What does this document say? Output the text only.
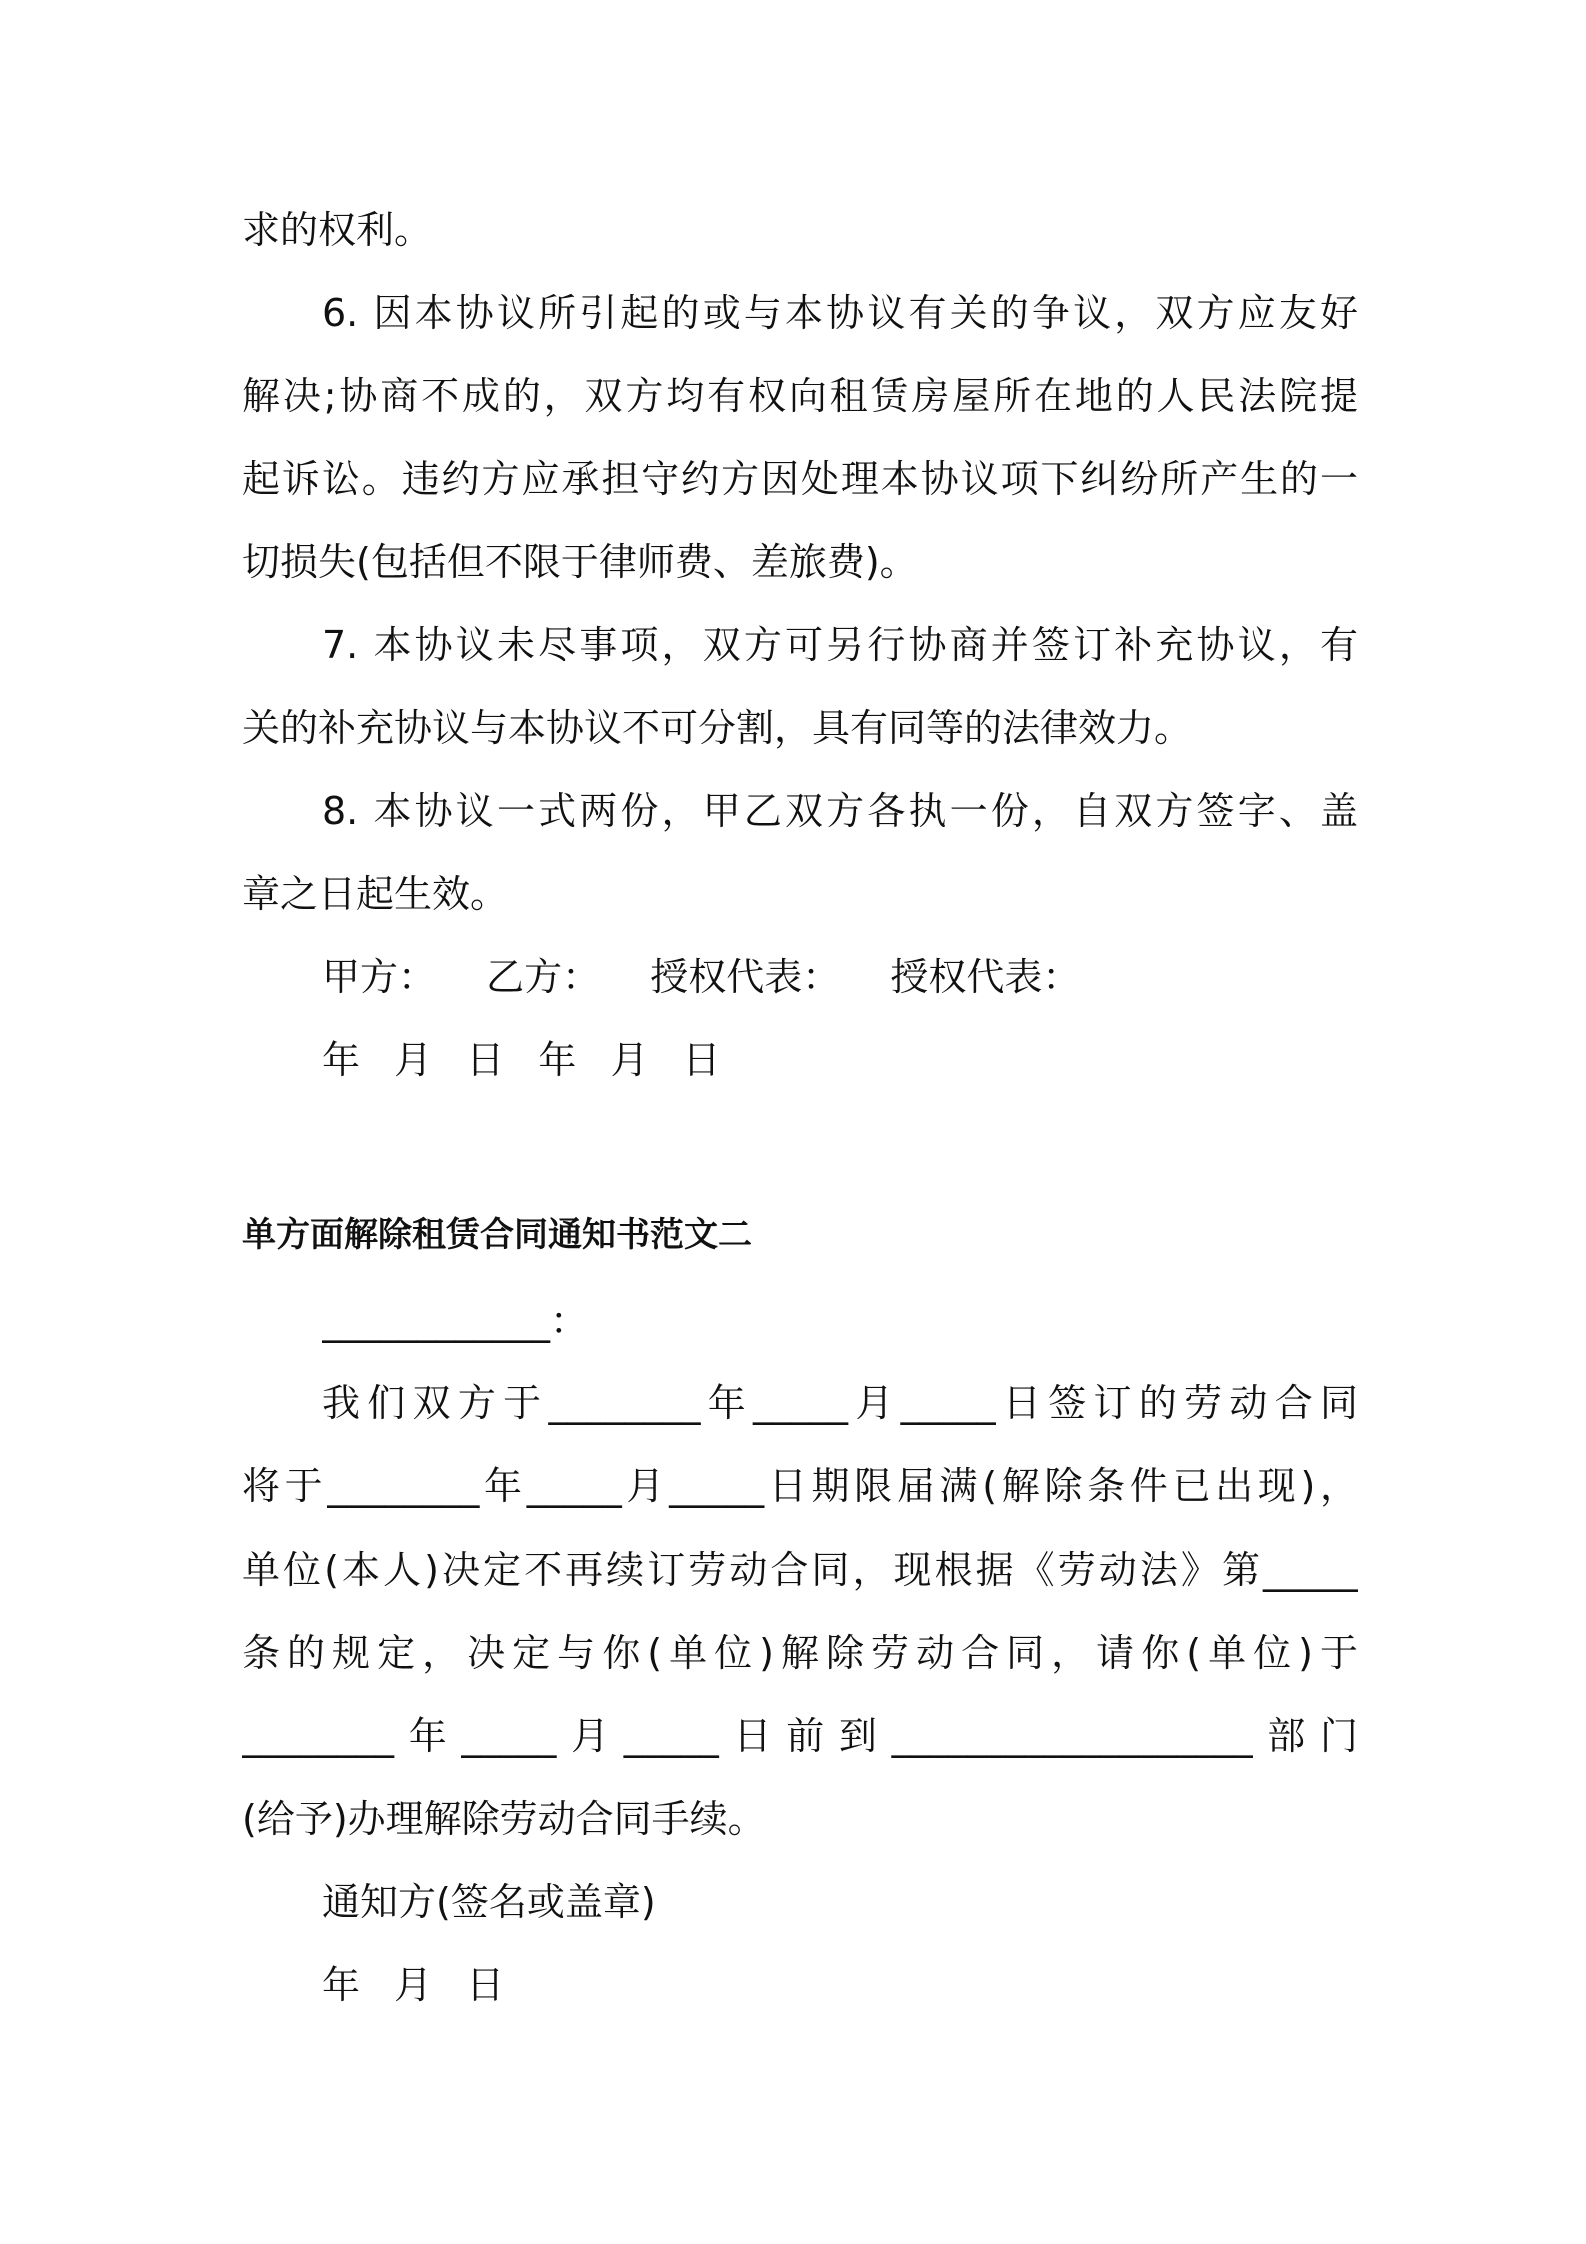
求的权利。
6. 因本协议所引起的或与本协议有关的争议，双方应友好
解决;协商不成的，双方均有权向租赁房屋所在地的人民法院提
起诉讼。违约方应承担守约方因处理本协议项下纠纷所产生的一
切损失(包括但不限于律师费、差旅费)。
7. 本协议未尽事项，双方可另行协商并签订补充协议，有
关的补充协议与本协议不可分割，具有同等的法律效力。
8. 本协议一式两份，甲乙双方各执一份，自双方签字、盖
章之日起生效。
甲方： 乙方： 授权代表： 授权代表：
年 月 日 年 月 日
单方面解除租赁合同通知书范文二
____________：
我们双方于________年_____月_____日签订的劳动合同
将于________年_____月_____日期限届满(解除条件已出现)，
单位(本人)决定不再续订劳动合同，现根据《劳动法》第_____
条的规定，决定与你(单位)解除劳动合同，请你(单位)于
________年_____月_____日前到___________________部门
(给予)办理解除劳动合同手续。
通知方(签名或盖章)
年 月 日
